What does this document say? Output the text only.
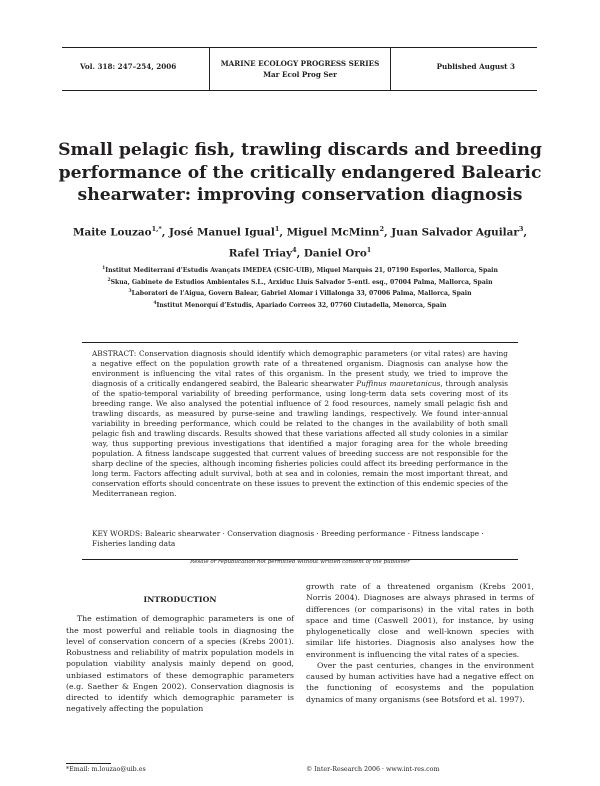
Vol. 318: 247–254, 2006	MARINE ECOLOGY PROGRESS SERIES
Mar Ecol Prog Ser
Published August 3
Small pelagic fish, trawling discards and breeding
performance of the critically endangered Balearic
shearwater: improving conservation diagnosis
Maite Louzao$^{1,*}$, José Manuel Igual$^1$, Miguel McMinn$^2$, Juan Salvador Aguilar$^3$,
Rafel Triay$^4$, Daniel Oro$^1$
$^1$Institut Mediterrani d’Estudis Avançats IMEDEA (CSIC-UIB), Miquel Marquès 21, 07190 Esporles, Mallorca, Spain
$^2$Skua, Gabinete de Estudios Ambientales S.L., Arxiduc Lluís Salvador 5–entl. esq., 07004 Palma, Mallorca, Spain
$^3$Laboratori de l’Aigua, Govern Balear, Gabriel Alomar i Villalonga 33, 07006 Palma, Mallorca, Spain
$^4$Institut Menorquí d’Estudis, Apariado Correos 32, 07760 Ciutadella, Menorca, Spain

ABSTRACT: Conservation diagnosis should identify which demographic parameters (or vital rates) are having a negative effect on the population growth rate of a threatened organism. Diagnosis can analyse how the environment is influencing the vital rates of this organism. In the present study, we tried to improve the diagnosis of a critically endangered seabird, the Balearic shearwater Puffinus mauretanicus, through analysis of the spatio-temporal variability of breeding performance, using long-term data sets covering most of its breeding range. We also analysed the potential influence of 2 food resources, namely small pelagic fish and trawling discards, as measured by purse-seine and trawling landings, respectively. We found inter-annual variability in breeding performance, which could be related to the changes in the availability of both small pelagic fish and trawling discards. Results showed that these variations affected all study colonies in a similar way, thus supporting previous investigations that identified a major foraging area for the whole breeding population. A fitness landscape suggested that current values of breeding success are not responsible for the sharp decline of the species, although incoming fisheries policies could affect its breeding performance in the long term. Factors affecting adult survival, both at sea and in colonies, remain the most important threat, and conservation efforts should concentrate on these issues to prevent the extinction of this endemic species of the Mediterranean region.

KEY WORDS: Balearic shearwater · Conservation diagnosis · Breeding performance · Fitness landscape · Fisheries landing data

Resale or republication not permitted without written consent of the publisher

INTRODUCTION

The estimation of demographic parameters is one of the most powerful and reliable tools in diagnosing the level of conservation concern of a species (Krebs 2001). Robustness and reliability of matrix population models in population viability analysis mainly depend on good, unbiased estimators of these demographic parameters (e.g. Saether & Engen 2002). Conservation diagnosis is directed to identify which demographic parameter is negatively affecting the population

growth rate of a threatened organism (Krebs 2001, Norris 2004). Diagnoses are always phrased in terms of differences (or comparisons) in the vital rates in both space and time (Caswell 2001), for instance, by using phylogenetically close and well-known species with similar life histories. Diagnosis also analyses how the environment is influencing the vital rates of a species.

Over the past centuries, changes in the environment caused by human activities have had a negative effect on the functioning of ecosystems and the population dynamics of many organisms (see Botsford et al. 1997).

*Email: m.louzao@uib.es	© Inter-Research 2006 · www.int-res.com
